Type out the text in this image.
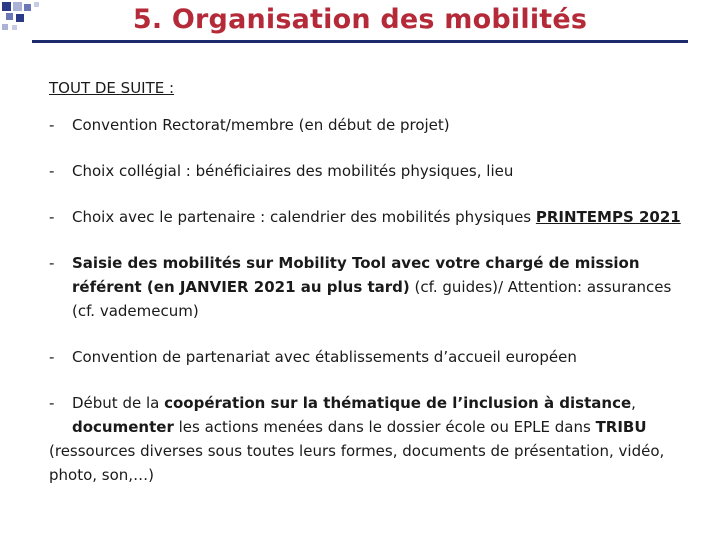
5. Organisation des mobilités
TOUT DE SUITE :
- Convention Rectorat/membre (en début de projet)
- Choix collégial : bénéficiaires des mobilités physiques, lieu
- Choix avec le partenaire : calendrier des mobilités physiques PRINTEMPS 2021
- Saisie des mobilités sur Mobility Tool avec votre chargé de mission référent (en JANVIER 2021 au plus tard) (cf. guides)/ Attention: assurances (cf. vademecum)
- Convention de partenariat avec établissements d’accueil européen
- Début de la coopération sur la thématique de l’inclusion à distance, documenter les actions menées dans le dossier école ou EPLE dans TRIBU
(ressources diverses sous toutes leurs formes, documents de présentation, vidéo, photo, son,…)
